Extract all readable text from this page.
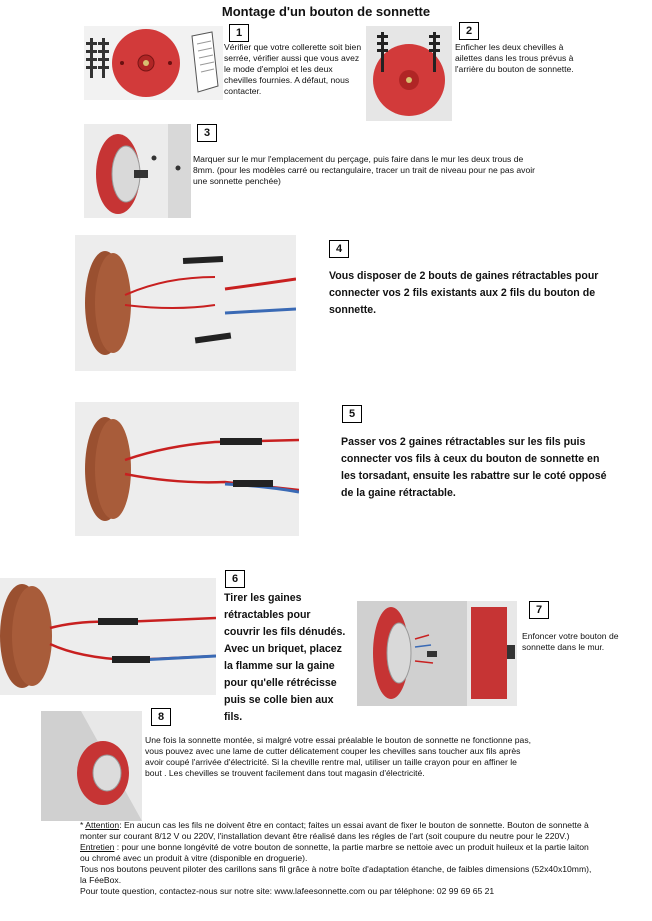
Montage d'un bouton de sonnette
1
Vérifier que votre collerette soit bien serrée, vérifier aussi que vous avez le mode d'emploi et les deux chevilles fournies. A défaut, nous contacter.
2
Enficher les deux chevilles à ailettes dans les trous prévus à l'arrière du bouton de sonnette.
3
Marquer sur le mur l'emplacement du perçage, puis faire dans le mur les deux trous de 8mm. (pour les modèles carré ou rectangulaire, tracer un trait de niveau pour ne pas avoir une sonnette penchée)
4
Vous disposer de 2 bouts de gaines rétractables pour connecter vos 2 fils existants aux 2 fils du bouton de sonnette.
5
Passer vos 2 gaines rétractables sur les fils puis connecter vos fils à ceux du bouton de sonnette en les torsadant, ensuite les rabattre sur le coté opposé de la gaine rétractable.
6
Tirer les gaines rétractables pour couvrir les fils dénudés. Avec un briquet, placez la flamme sur la gaine pour qu'elle rétrécisse puis se colle bien aux fils.
7
Enfoncer votre bouton de sonnette dans le mur.
8
Une fois la sonnette montée, si malgré votre essai préalable le bouton de sonnette ne fonctionne pas, vous pouvez avec une lame de cutter délicatement couper les chevilles sans toucher aux fils après avoir coupé l'arrivée d'électricité. Si la cheville rentre mal, utiliser un taille crayon pour en affiner le bout . Les chevilles se trouvent facilement dans tout magasin d'électricité.

* Attention: En aucun cas les fils ne doivent être en contact; faites un essai avant de fixer le bouton de sonnette. Bouton de sonnette à monter sur courant 8/12 V ou 220V, l'installation devant être réalisé dans les régles de l'art (soit coupure du neutre pour le 220V.)

Entretien : pour une bonne longévité de votre bouton de sonnette, la partie marbre se nettoie avec un produit huileux et la partie laiton ou chromé avec un produit à vitre (disponible en droguerie).

Tous nos boutons peuvent piloter des carillons sans fil grâce à notre boîte d'adaptation étanche, de faibles dimensions (52x40x10mm), la FéeBox.

Pour toute question, contactez-nous sur notre site: www.lafeesonnette.com ou par téléphone: 02 99 69 65 21
